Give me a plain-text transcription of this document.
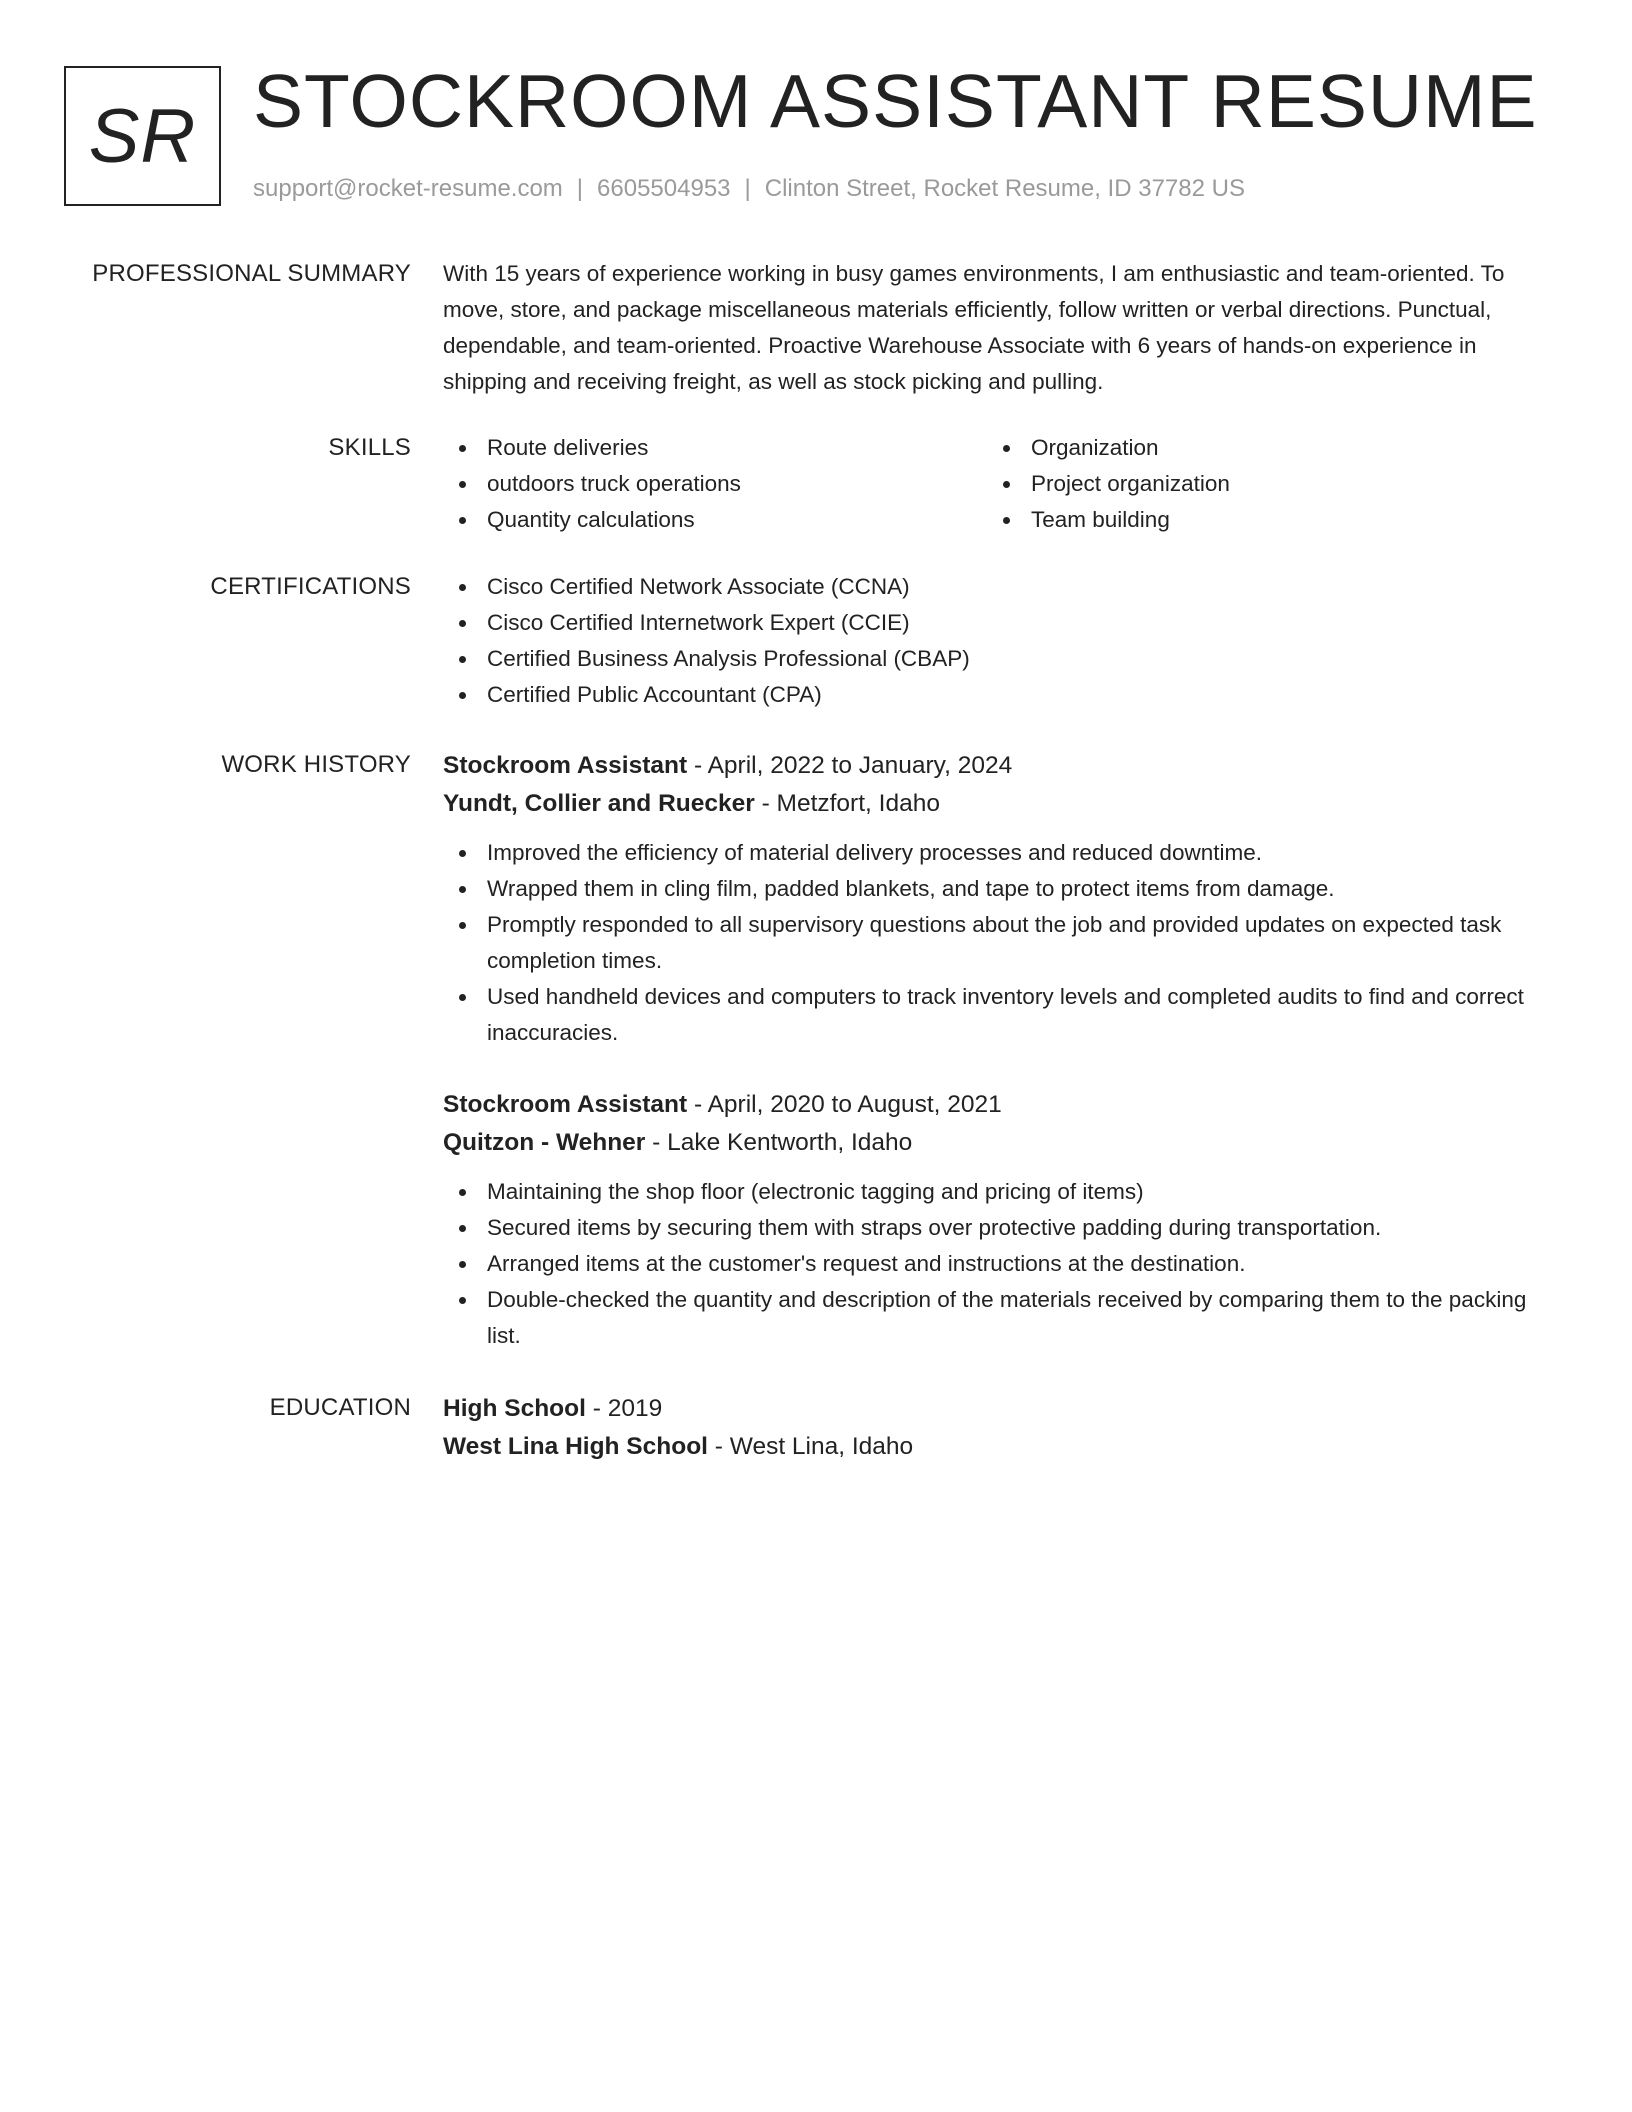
SR STOCKROOM ASSISTANT RESUME
support@rocket-resume.com | 6605504953 | Clinton Street, Rocket Resume, ID 37782 US
PROFESSIONAL SUMMARY With 15 years of experience working in busy games environments, I am enthusiastic and team-oriented. To move, store, and package miscellaneous materials efficiently, follow written or verbal directions. Punctual, dependable, and team-oriented. Proactive Warehouse Associate with 6 years of hands-on experience in shipping and receiving freight, as well as stock picking and pulling.

SKILLS	Route deliveries
outdoors truck operations
Quantity calculations
Organization
Project organization
Team building
CERTIFICATIONS	Cisco Certified Network Associate (CCNA)
Cisco Certified Internetwork Expert (CCIE)
Certified Business Analysis Professional (CBAP)
Certified Public Accountant (CPA)
WORK HISTORY Stockroom Assistant - April, 2022 to January, 2024
Yundt, Collier and Ruecker - Metzfort, Idaho
Improved the efficiency of material delivery processes and reduced downtime.
Wrapped them in cling film, padded blankets, and tape to protect items from damage.
Promptly responded to all supervisory questions about the job and provided updates on expected task completion times.
Used handheld devices and computers to track inventory levels and completed audits to find and correct inaccuracies.
Stockroom Assistant - April, 2020 to August, 2021
Quitzon - Wehner - Lake Kentworth, Idaho
Maintaining the shop floor (electronic tagging and pricing of items)
Secured items by securing them with straps over protective padding during transportation.
Arranged items at the customer's request and instructions at the destination.
Double-checked the quantity and description of the materials received by comparing them to the packing list.
EDUCATION High School - 2019
West Lina High School - West Lina, Idaho
